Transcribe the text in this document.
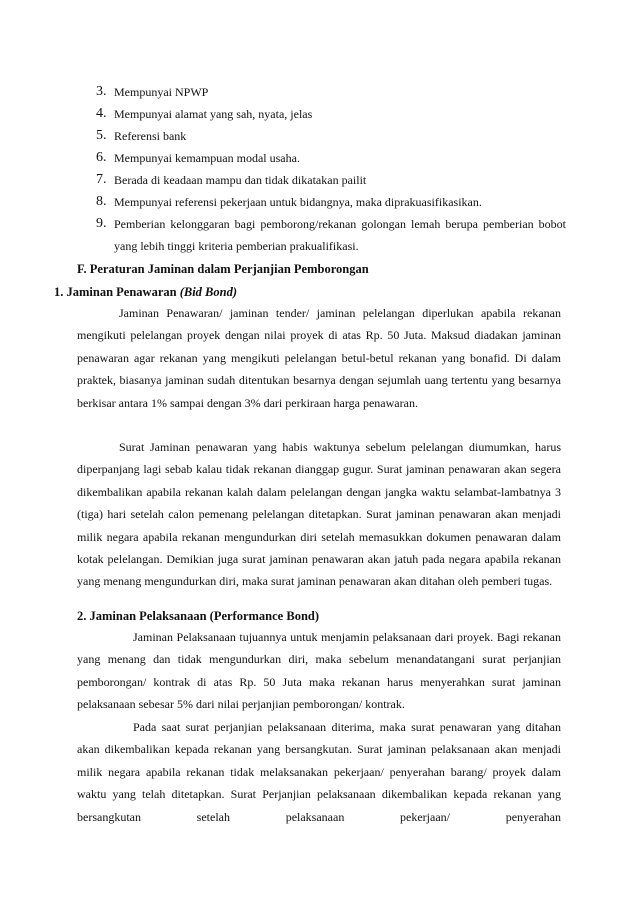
3. Mempunyai NPWP
4. Mempunyai alamat yang sah, nyata, jelas
5. Referensi bank
6. Mempunyai kemampuan modal usaha.
7. Berada di keadaan mampu dan tidak dikatakan pailit
8. Mempunyai referensi pekerjaan untuk bidangnya, maka diprakuasifikasikan.
9. Pemberian kelonggaran bagi pemborong/rekanan golongan lemah berupa pemberian bobot yang lebih tinggi kriteria pemberian prakualifikasi.
F. Peraturan Jaminan dalam Perjanjian Pemborongan
1. Jaminan Penawaran (Bid Bond)

Jaminan Penawaran/ jaminan tender/ jaminan pelelangan diperlukan apabila rekanan mengikuti pelelangan proyek dengan nilai proyek di atas Rp. 50 Juta. Maksud diadakan jaminan penawaran agar rekanan yang mengikuti pelelangan betul-betul rekanan yang bonafid. Di dalam praktek, biasanya jaminan sudah ditentukan besarnya dengan sejumlah uang tertentu yang besarnya berkisar antara 1% sampai dengan 3% dari perkiraan harga penawaran.

Surat Jaminan penawaran yang habis waktunya sebelum pelelangan diumumkan, harus diperpanjang lagi sebab kalau tidak rekanan dianggap gugur. Surat jaminan penawaran akan segera dikembalikan apabila rekanan kalah dalam pelelangan dengan jangka waktu selambat-lambatnya 3 (tiga) hari setelah calon pemenang pelelangan ditetapkan. Surat jaminan penawaran akan menjadi milik negara apabila rekanan mengundurkan diri setelah memasukkan dokumen penawaran dalam kotak pelelangan. Demikian juga surat jaminan penawaran akan jatuh pada negara apabila rekanan yang menang mengundurkan diri, maka surat jaminan penawaran akan ditahan oleh pemberi tugas.

2. Jaminan Pelaksanaan (Performance Bond)

Jaminan Pelaksanaan tujuannya untuk menjamin pelaksanaan dari proyek. Bagi rekanan yang menang dan tidak mengundurkan diri, maka sebelum menandatangani surat perjanjian pemborongan/ kontrak di atas Rp. 50 Juta maka rekanan harus menyerahkan surat jaminan pelaksanaan sebesar 5% dari nilai perjanjian pemborongan/ kontrak.

Pada saat surat perjanjian pelaksanaan diterima, maka surat penawaran yang ditahan akan dikembalikan kepada rekanan yang bersangkutan. Surat jaminan pelaksanaan akan menjadi milik negara apabila rekanan tidak melaksanakan pekerjaan/ penyerahan barang/ proyek dalam waktu yang telah ditetapkan. Surat Perjanjian pelaksanaan dikembalikan kepada rekanan yang bersangkutan setelah pelaksanaan pekerjaan/ penyerahan
